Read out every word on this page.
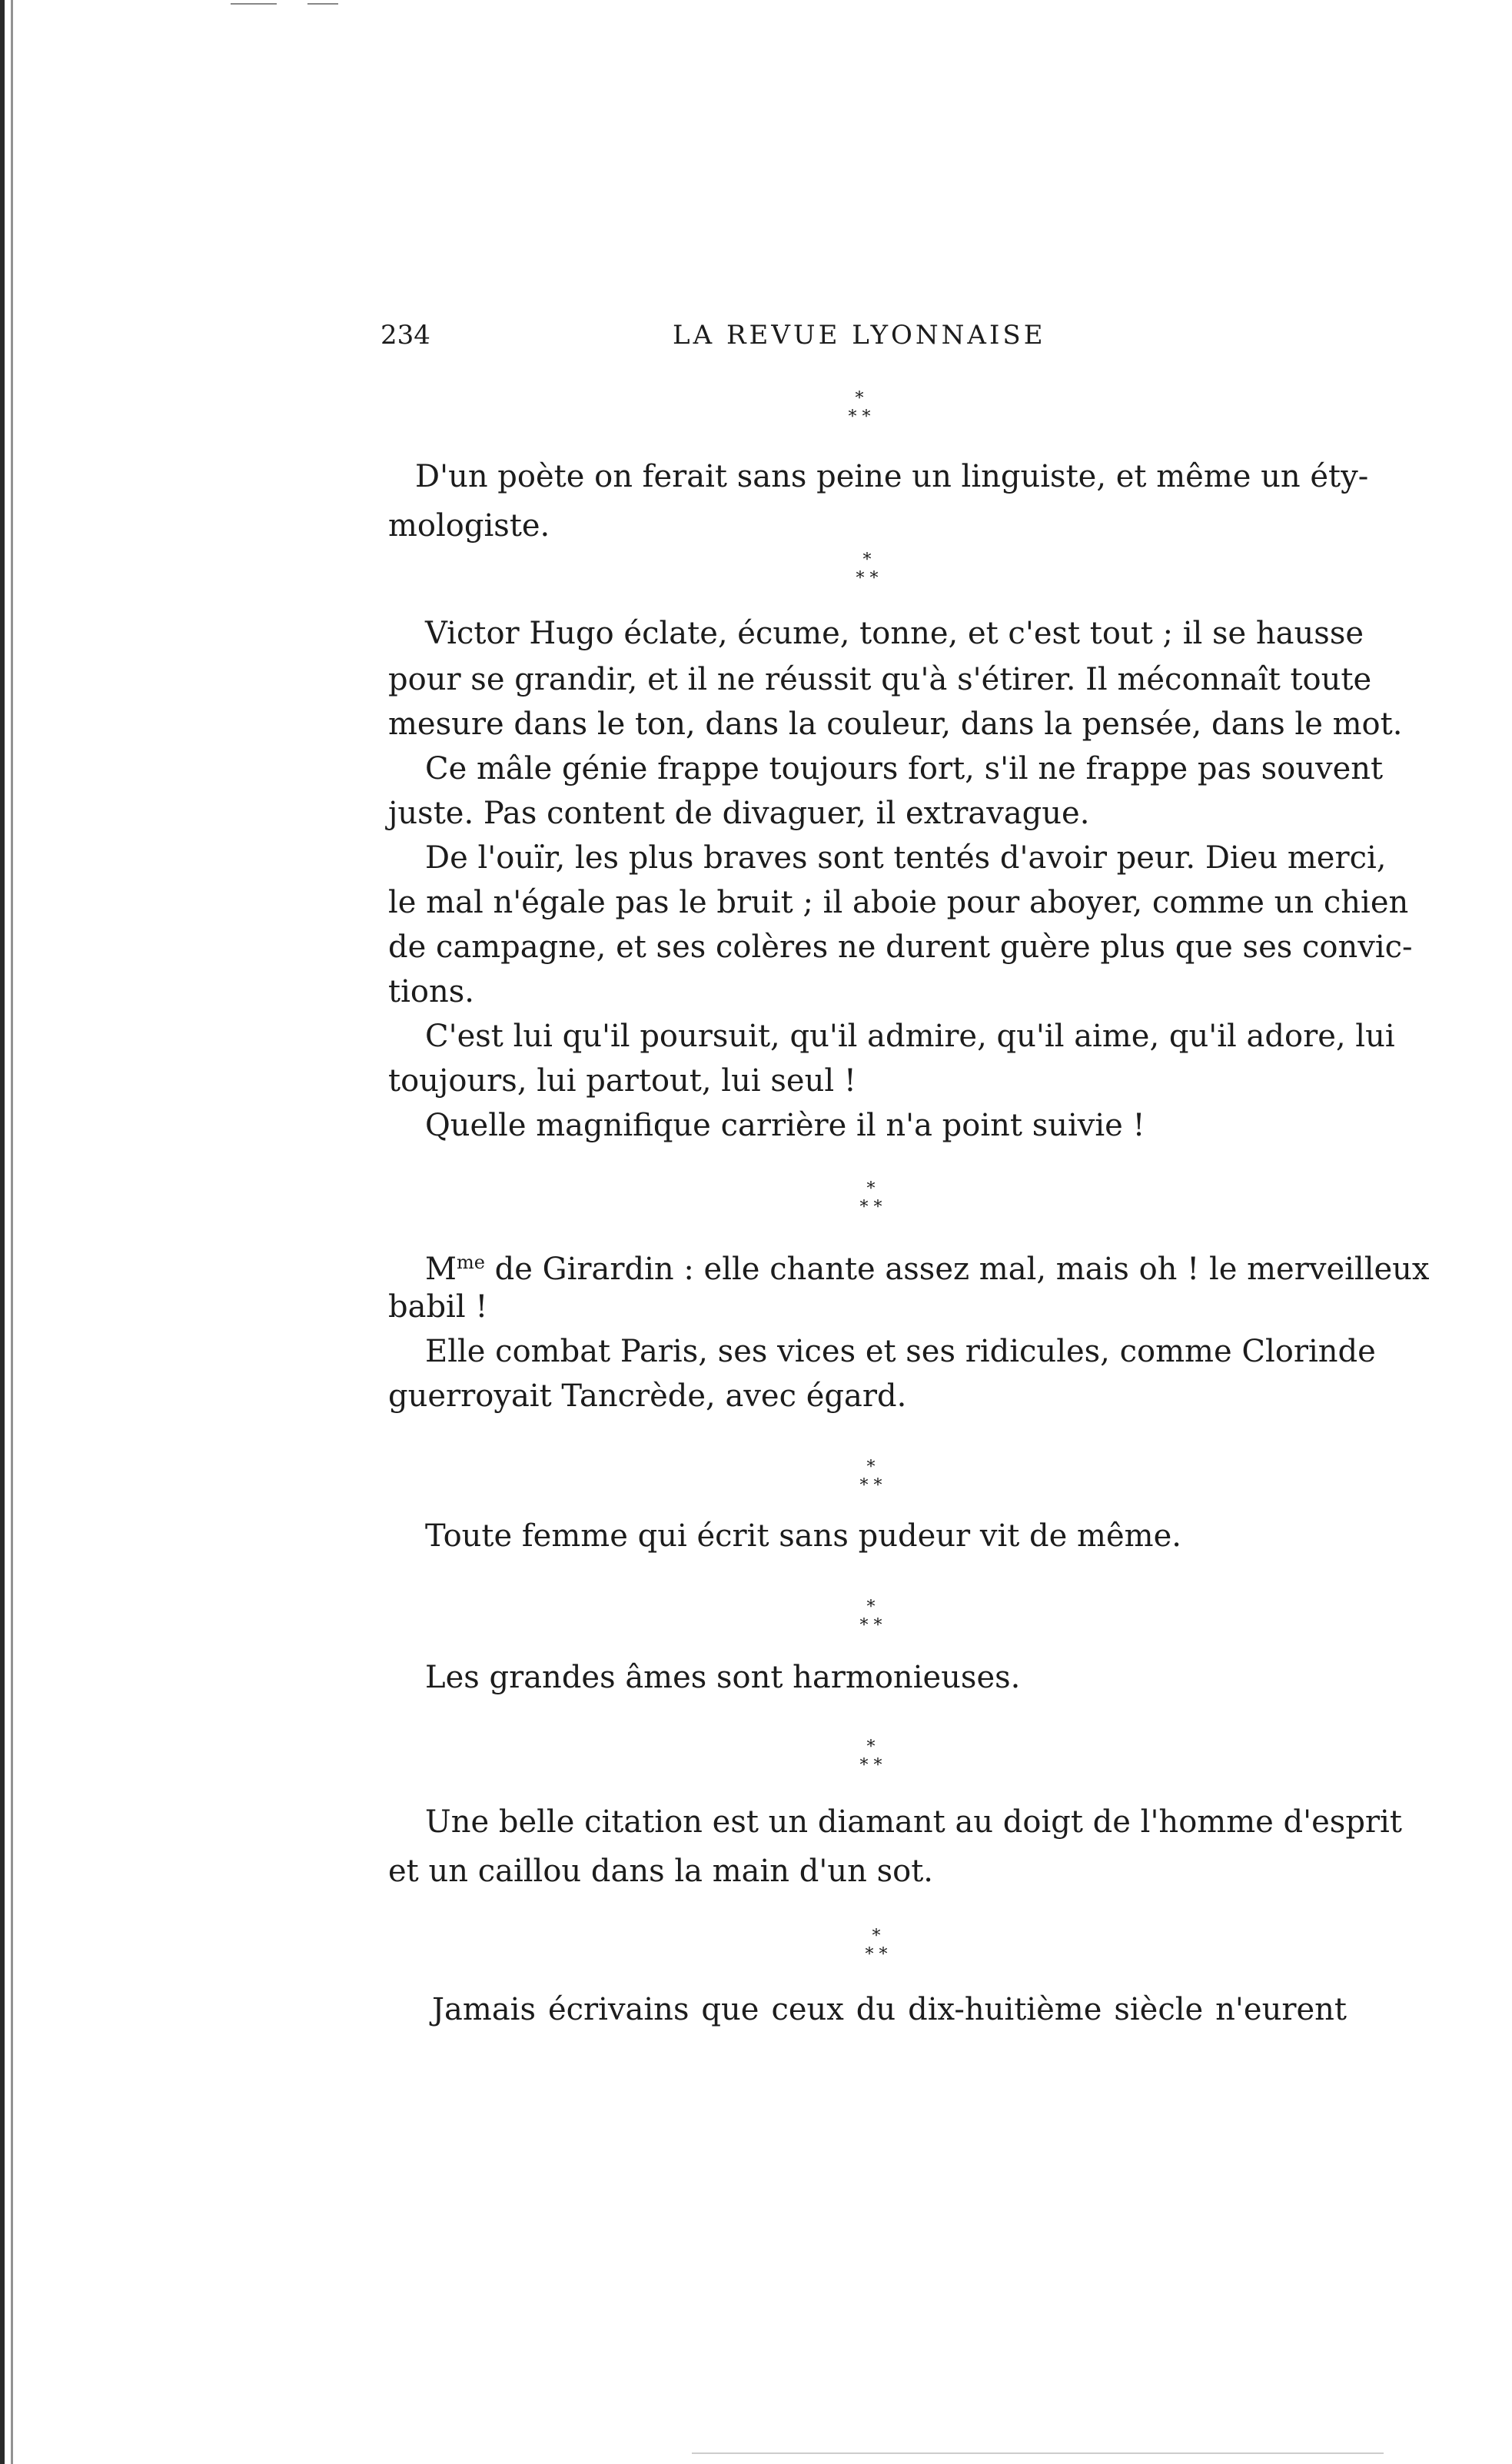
234	LA REVUE LYONNAISE
*
* *
D'un poète on ferait sans peine un linguiste, et même un éty-
mologiste.
*
* *
Victor Hugo éclate, écume, tonne, et c'est tout ; il se hausse
pour se grandir, et il ne réussit qu'à s'étirer. Il méconnaît toute
mesure dans le ton, dans la couleur, dans la pensée, dans le mot.
Ce mâle génie frappe toujours fort, s'il ne frappe pas souvent
juste. Pas content de divaguer, il extravague.
De l'ouïr, les plus braves sont tentés d'avoir peur. Dieu merci,
le mal n'égale pas le bruit ; il aboie pour aboyer, comme un chien
de campagne, et ses colères ne durent guère plus que ses convic-
tions.
C'est lui qu'il poursuit, qu'il admire, qu'il aime, qu'il adore, lui
toujours, lui partout, lui seul !
Quelle magnifique carrière il n'a point suivie !
*
* *
$M^{me}$ de Girardin : elle chante assez mal, mais oh ! le merveilleux
babil !
Elle combat Paris, ses vices et ses ridicules, comme Clorinde
guerroyait Tancrède, avec égard.
*
* *
Toute femme qui écrit sans pudeur vit de même.
*
* *
Les grandes âmes sont harmonieuses.
*
* *
Une belle citation est un diamant au doigt de l'homme d'esprit
et un caillou dans la main d'un sot.
*
* *
Jamais écrivains que ceux du dix-huitième siècle n'eurent
